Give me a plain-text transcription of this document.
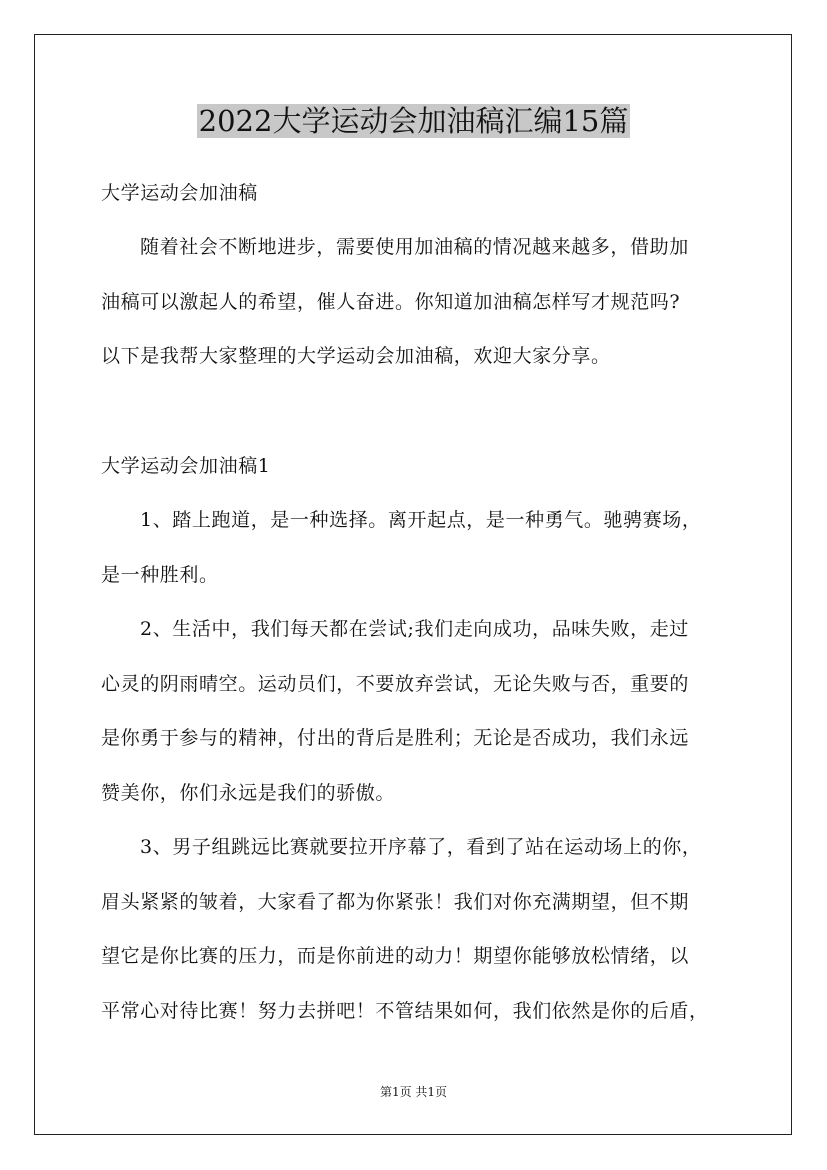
2022大学运动会加油稿汇编15篇
大学运动会加油稿
随着社会不断地进步，需要使用加油稿的情况越来越多，借助加
油稿可以激起人的希望，催人奋进。你知道加油稿怎样写才规范吗?
以下是我帮大家整理的大学运动会加油稿，欢迎大家分享。
大学运动会加油稿1
1、踏上跑道，是一种选择。离开起点，是一种勇气。驰骋赛场，
是一种胜利。
2、生活中，我们每天都在尝试;我们走向成功，品味失败，走过
心灵的阴雨晴空。运动员们，不要放弃尝试，无论失败与否，重要的
是你勇于参与的精神，付出的背后是胜利；无论是否成功，我们永远
赞美你，你们永远是我们的骄傲。
3、男子组跳远比赛就要拉开序幕了，看到了站在运动场上的你，
眉头紧紧的皱着，大家看了都为你紧张！我们对你充满期望，但不期
望它是你比赛的压力，而是你前进的动力！期望你能够放松情绪，以
平常心对待比赛！努力去拼吧！不管结果如何，我们依然是你的后盾，
第1页 共1页
